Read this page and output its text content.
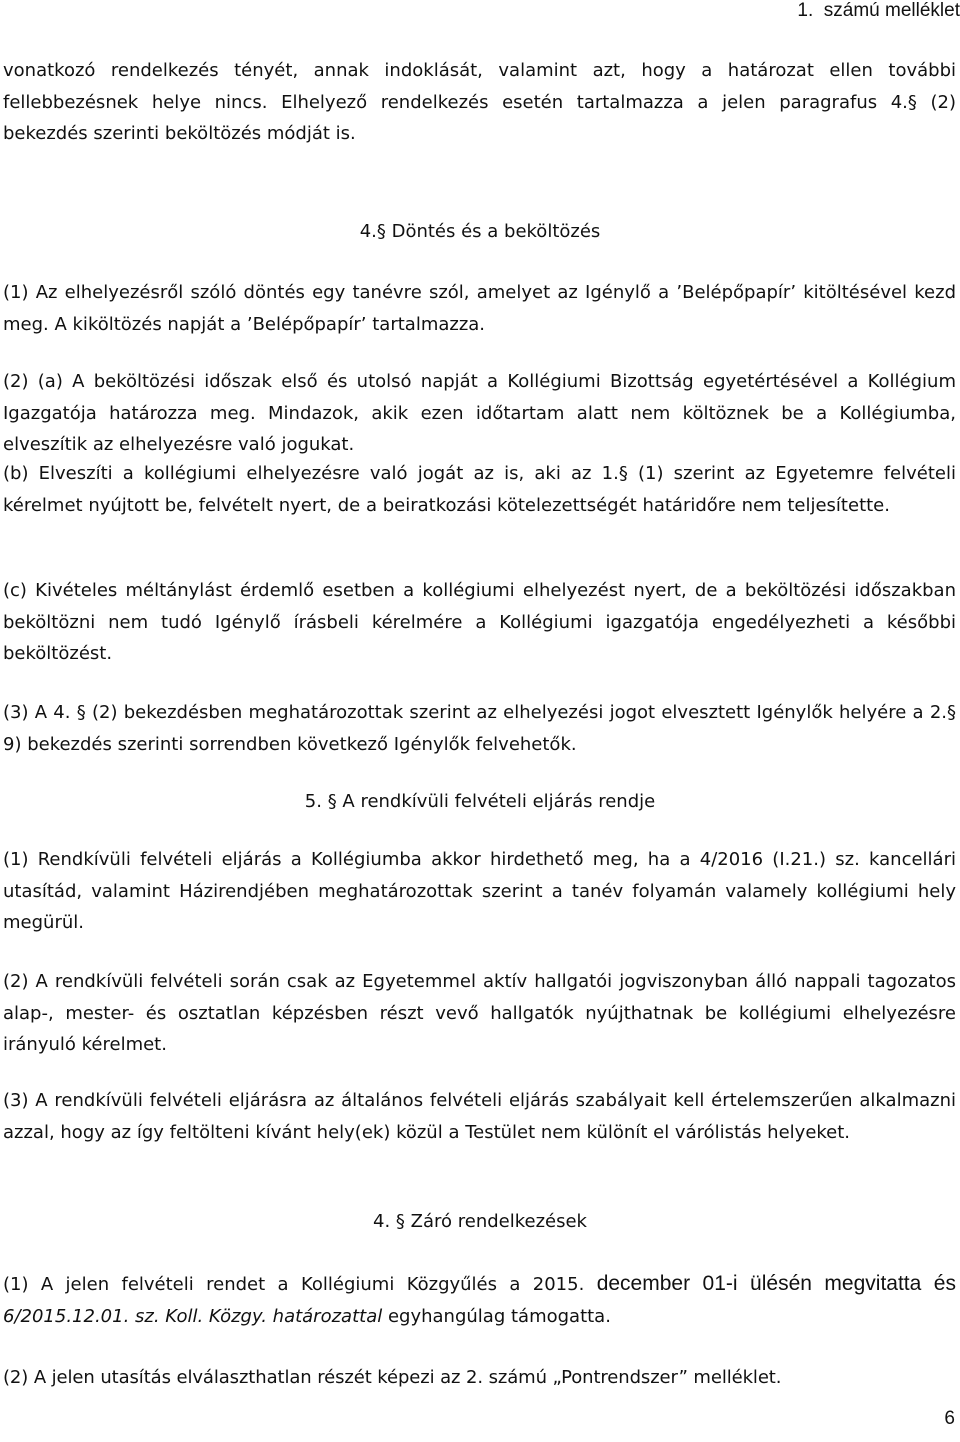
1.  számú melléklet
vonatkozó rendelkezés tényét, annak indoklását, valamint azt, hogy a határozat ellen további fellebbezésnek helye nincs. Elhelyező rendelkezés esetén tartalmazza a jelen paragrafus 4.§ (2) bekezdés szerinti beköltözés módját is.
4.§ Döntés és a beköltözés
(1) Az elhelyezésről szóló döntés egy tanévre szól, amelyet az Igénylő a ’Belépőpapír’ kitöltésével kezd meg. A kiköltözés napját a ’Belépőpapír’ tartalmazza.
(2) (a) A beköltözési időszak első és utolsó napját a Kollégiumi Bizottság egyetértésével a Kollégium Igazgatója határozza meg. Mindazok, akik ezen időtartam alatt nem költöznek be a Kollégiumba, elveszítik az elhelyezésre való jogukat.
(b) Elveszíti a kollégiumi elhelyezésre való jogát az is, aki az 1.§ (1) szerint az Egyetemre felvételi kérelmet nyújtott be, felvételt nyert, de a beiratkozási kötelezettségét határidőre nem teljesítette.
(c) Kivételes méltánylást érdemlő esetben a kollégiumi elhelyezést nyert, de a beköltözési időszakban beköltözni nem tudó Igénylő írásbeli kérelmére a Kollégiumi igazgatója engedélyezheti a későbbi beköltözést.
(3) A 4. § (2) bekezdésben meghatározottak szerint az elhelyezési jogot elvesztett Igénylők helyére a 2.§ 9) bekezdés szerinti sorrendben következő Igénylők felvehetők.
5. § A rendkívüli felvételi eljárás rendje
(1) Rendkívüli felvételi eljárás a Kollégiumba akkor hirdethető meg, ha a 4/2016 (I.21.) sz. kancellári utasítád, valamint Házirendjében meghatározottak szerint a tanév folyamán valamely kollégiumi hely megürül.
(2) A rendkívüli felvételi során csak az Egyetemmel aktív hallgatói jogviszonyban álló nappali tagozatos alap-, mester- és osztatlan képzésben részt vevő hallgatók nyújthatnak be kollégiumi elhelyezésre irányuló kérelmet.
(3) A rendkívüli felvételi eljárásra az általános felvételi eljárás szabályait kell értelemszerűen alkalmazni azzal, hogy az így feltölteni kívánt hely(ek) közül a Testület nem különít el várólistás helyeket.
4. § Záró rendelkezések
(1) A jelen felvételi rendet a Kollégiumi Közgyűlés a 2015. december 01-i ülésén megvitatta és 6/2015.12.01. sz. Koll. Közgy. határozattal egyhangúlag támogatta.
(2) A jelen utasítás elválaszthatlan részét képezi az 2. számú „Pontrendszer” melléklet.
6
